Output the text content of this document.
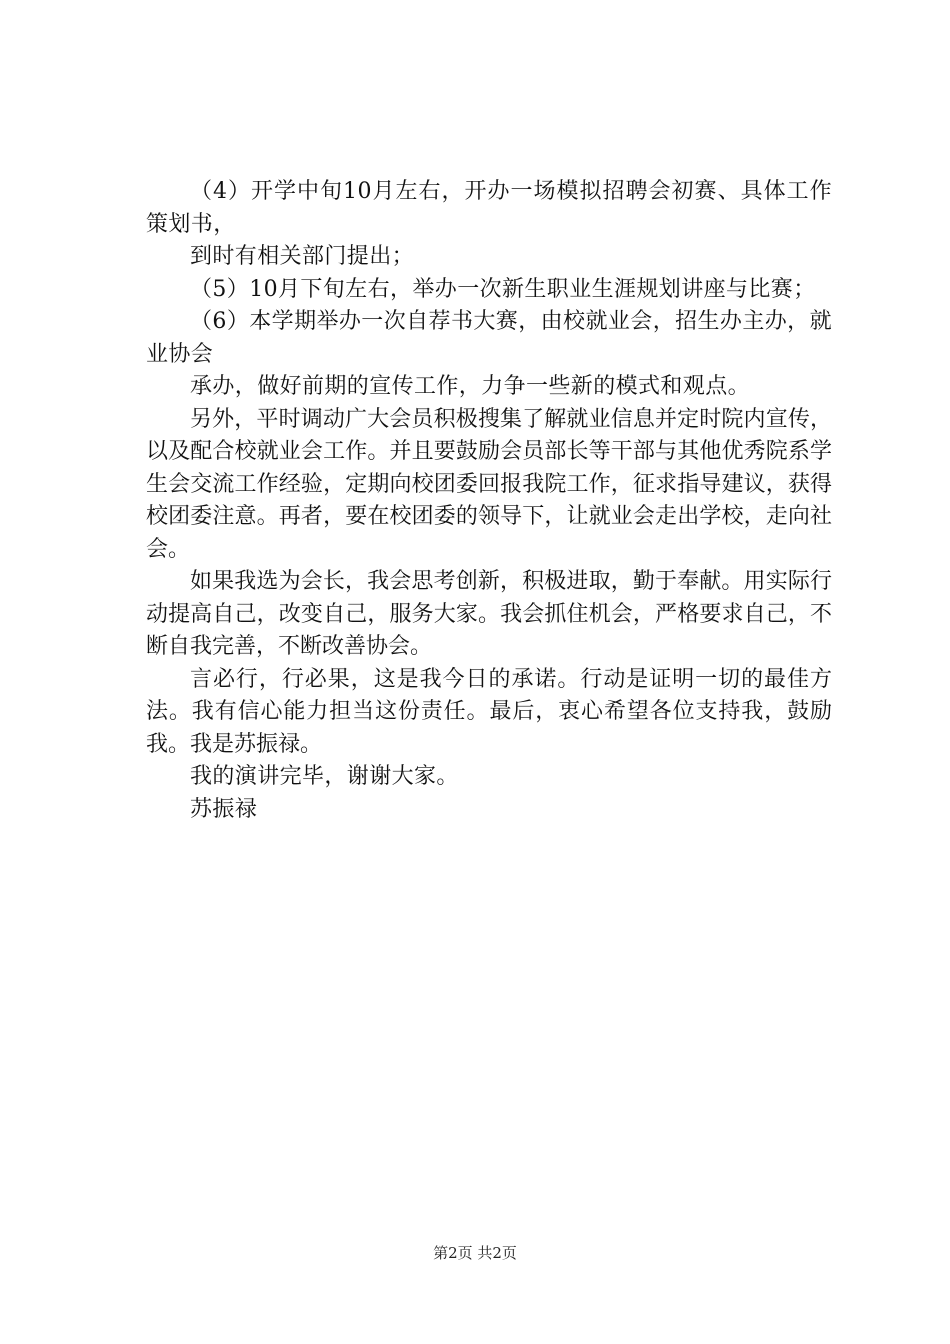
（4）开学中旬10月左右，开办一场模拟招聘会初赛、具体工作策划书，

到时有相关部门提出；

（5）10月下旬左右，举办一次新生职业生涯规划讲座与比赛；

（6）本学期举办一次自荐书大赛，由校就业会，招生办主办，就业协会

承办，做好前期的宣传工作，力争一些新的模式和观点。

另外，平时调动广大会员积极搜集了解就业信息并定时院内宣传，以及配合校就业会工作。并且要鼓励会员部长等干部与其他优秀院系学生会交流工作经验，定期向校团委回报我院工作，征求指导建议，获得校团委注意。再者，要在校团委的领导下，让就业会走出学校，走向社会。

如果我选为会长，我会思考创新，积极进取，勤于奉献。用实际行动提高自己，改变自己，服务大家。我会抓住机会，严格要求自己，不断自我完善，不断改善协会。

言必行，行必果，这是我今日的承诺。行动是证明一切的最佳方法。我有信心能力担当这份责任。最后，衷心希望各位支持我，鼓励我。我是苏振禄。

我的演讲完毕，谢谢大家。

苏振禄

第2页 共2页
